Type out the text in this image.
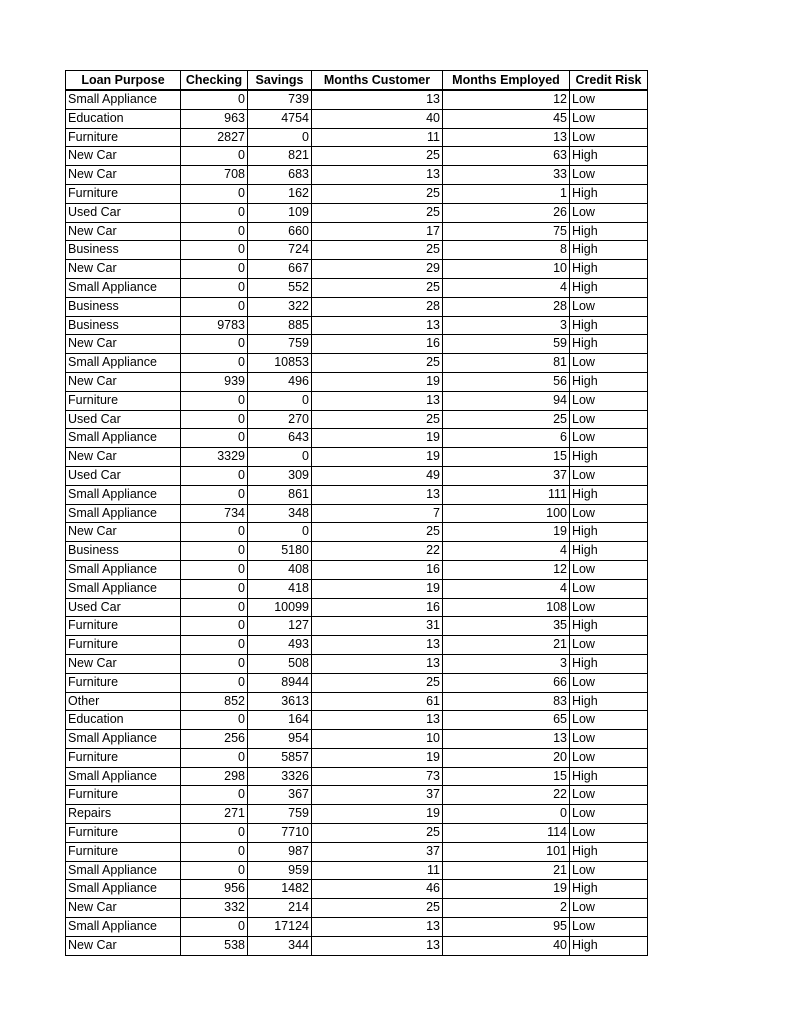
Loan Purpose	Checking	Savings	Months Customer	Months Employed	Credit Risk
Small Appliance	0	739	13	12	Low
Education	963	4754	40	45	Low
Furniture	2827	0	11	13	Low
New Car	0	821	25	63	High
New Car	708	683	13	33	Low
Furniture	0	162	25	1	High
Used Car	0	109	25	26	Low
New Car	0	660	17	75	High
Business	0	724	25	8	High
New Car	0	667	29	10	High
Small Appliance	0	552	25	4	High
Business	0	322	28	28	Low
Business	9783	885	13	3	High
New Car	0	759	16	59	High
Small Appliance	0	10853	25	81	Low
New Car	939	496	19	56	High
Furniture	0	0	13	94	Low
Used Car	0	270	25	25	Low
Small Appliance	0	643	19	6	Low
New Car	3329	0	19	15	High
Used Car	0	309	49	37	Low
Small Appliance	0	861	13	111	High
Small Appliance	734	348	7	100	Low
New Car	0	0	25	19	High
Business	0	5180	22	4	High
Small Appliance	0	408	16	12	Low
Small Appliance	0	418	19	4	Low
Used Car	0	10099	16	108	Low
Furniture	0	127	31	35	High
Furniture	0	493	13	21	Low
New Car	0	508	13	3	High
Furniture	0	8944	25	66	Low
Other	852	3613	61	83	High
Education	0	164	13	65	Low
Small Appliance	256	954	10	13	Low
Furniture	0	5857	19	20	Low
Small Appliance	298	3326	73	15	High
Furniture	0	367	37	22	Low
Repairs	271	759	19	0	Low
Furniture	0	7710	25	114	Low
Furniture	0	987	37	101	High
Small Appliance	0	959	11	21	Low
Small Appliance	956	1482	46	19	High
New Car	332	214	25	2	Low
Small Appliance	0	17124	13	95	Low
New Car	538	344	13	40	High
